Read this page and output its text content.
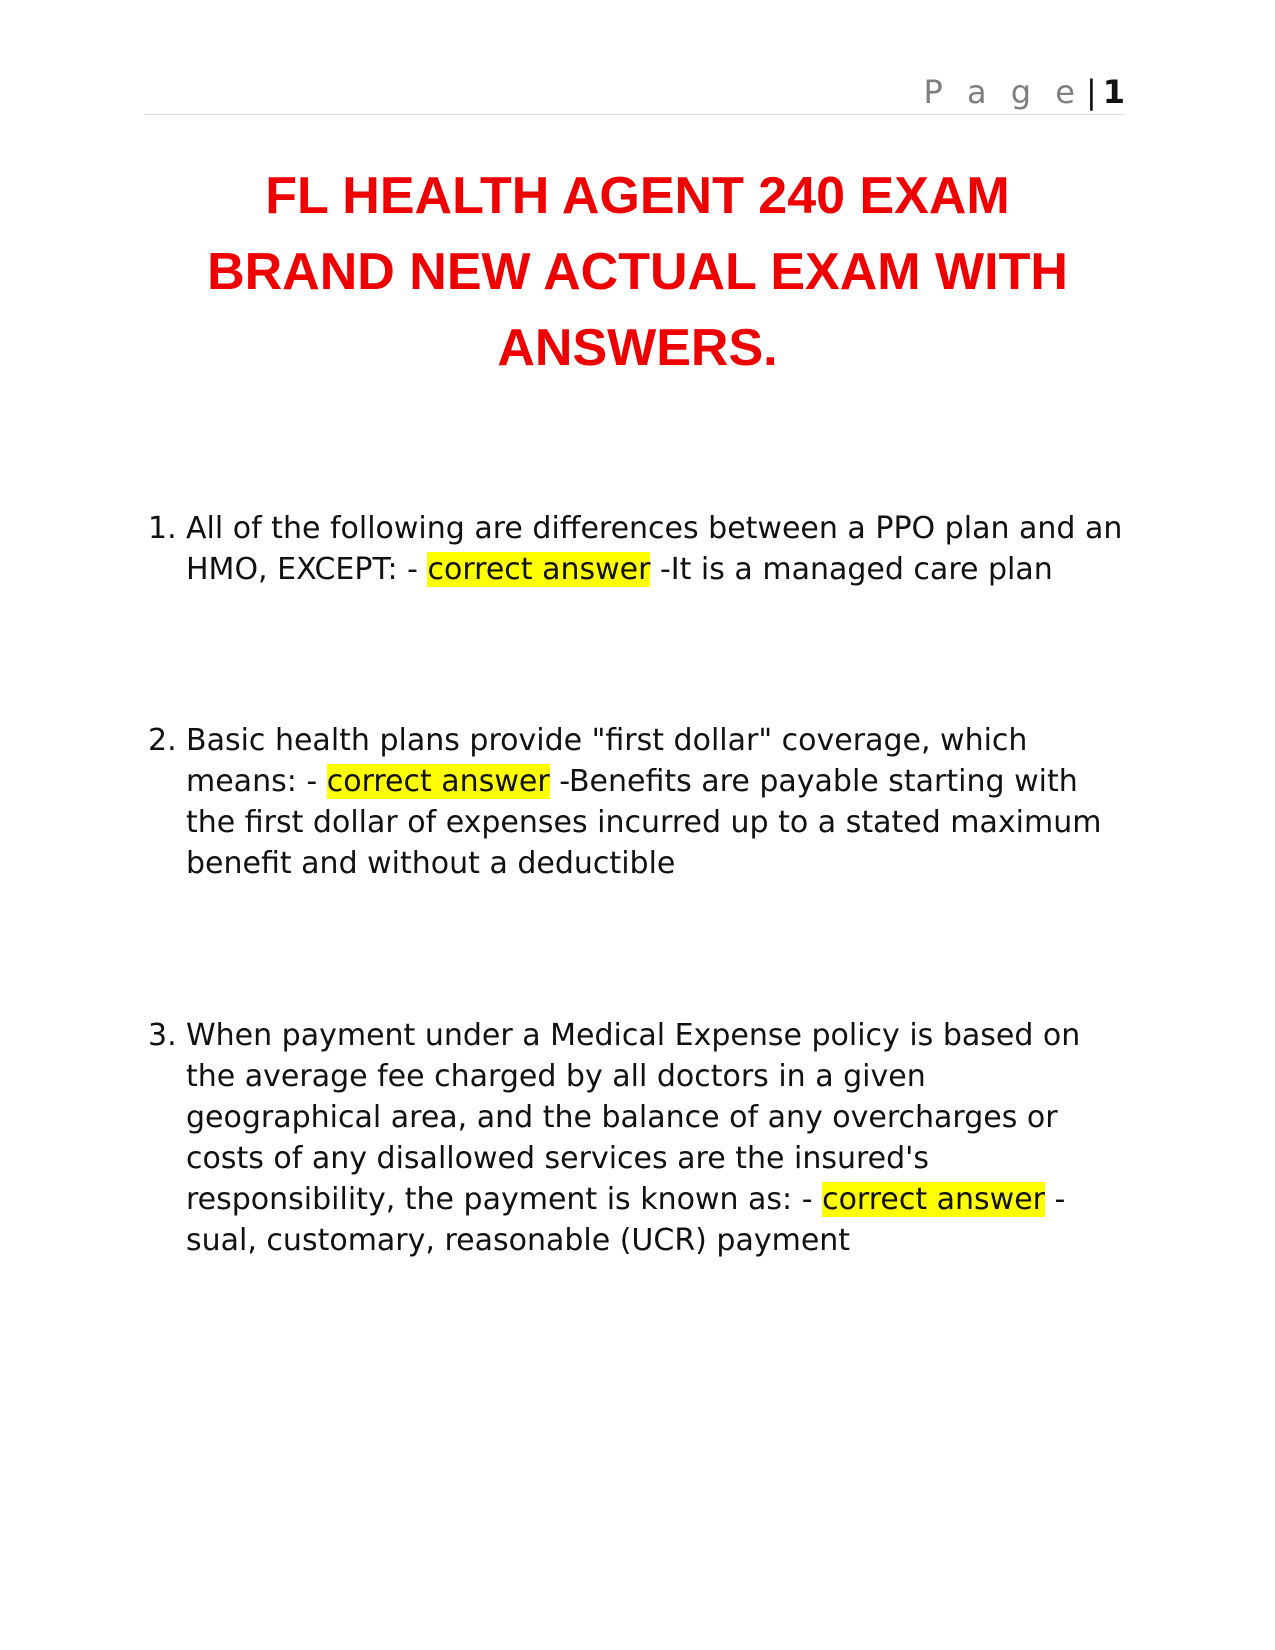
P a g e | 1
FL HEALTH AGENT 240 EXAM
BRAND NEW ACTUAL EXAM WITH
ANSWERS.
1. All of the following are differences between a PPO plan and an HMO, EXCEPT: - correct answer -It is a managed care plan
2. Basic health plans provide "first dollar" coverage, which means: - correct answer -Benefits are payable starting with the first dollar of expenses incurred up to a stated maximum benefit and without a deductible
3. When payment under a Medical Expense policy is based on the average fee charged by all doctors in a given geographical area, and the balance of any overcharges or costs of any disallowed services are the insured's responsibility, the payment is known as: - correct answer -sual, customary, reasonable (UCR) payment
